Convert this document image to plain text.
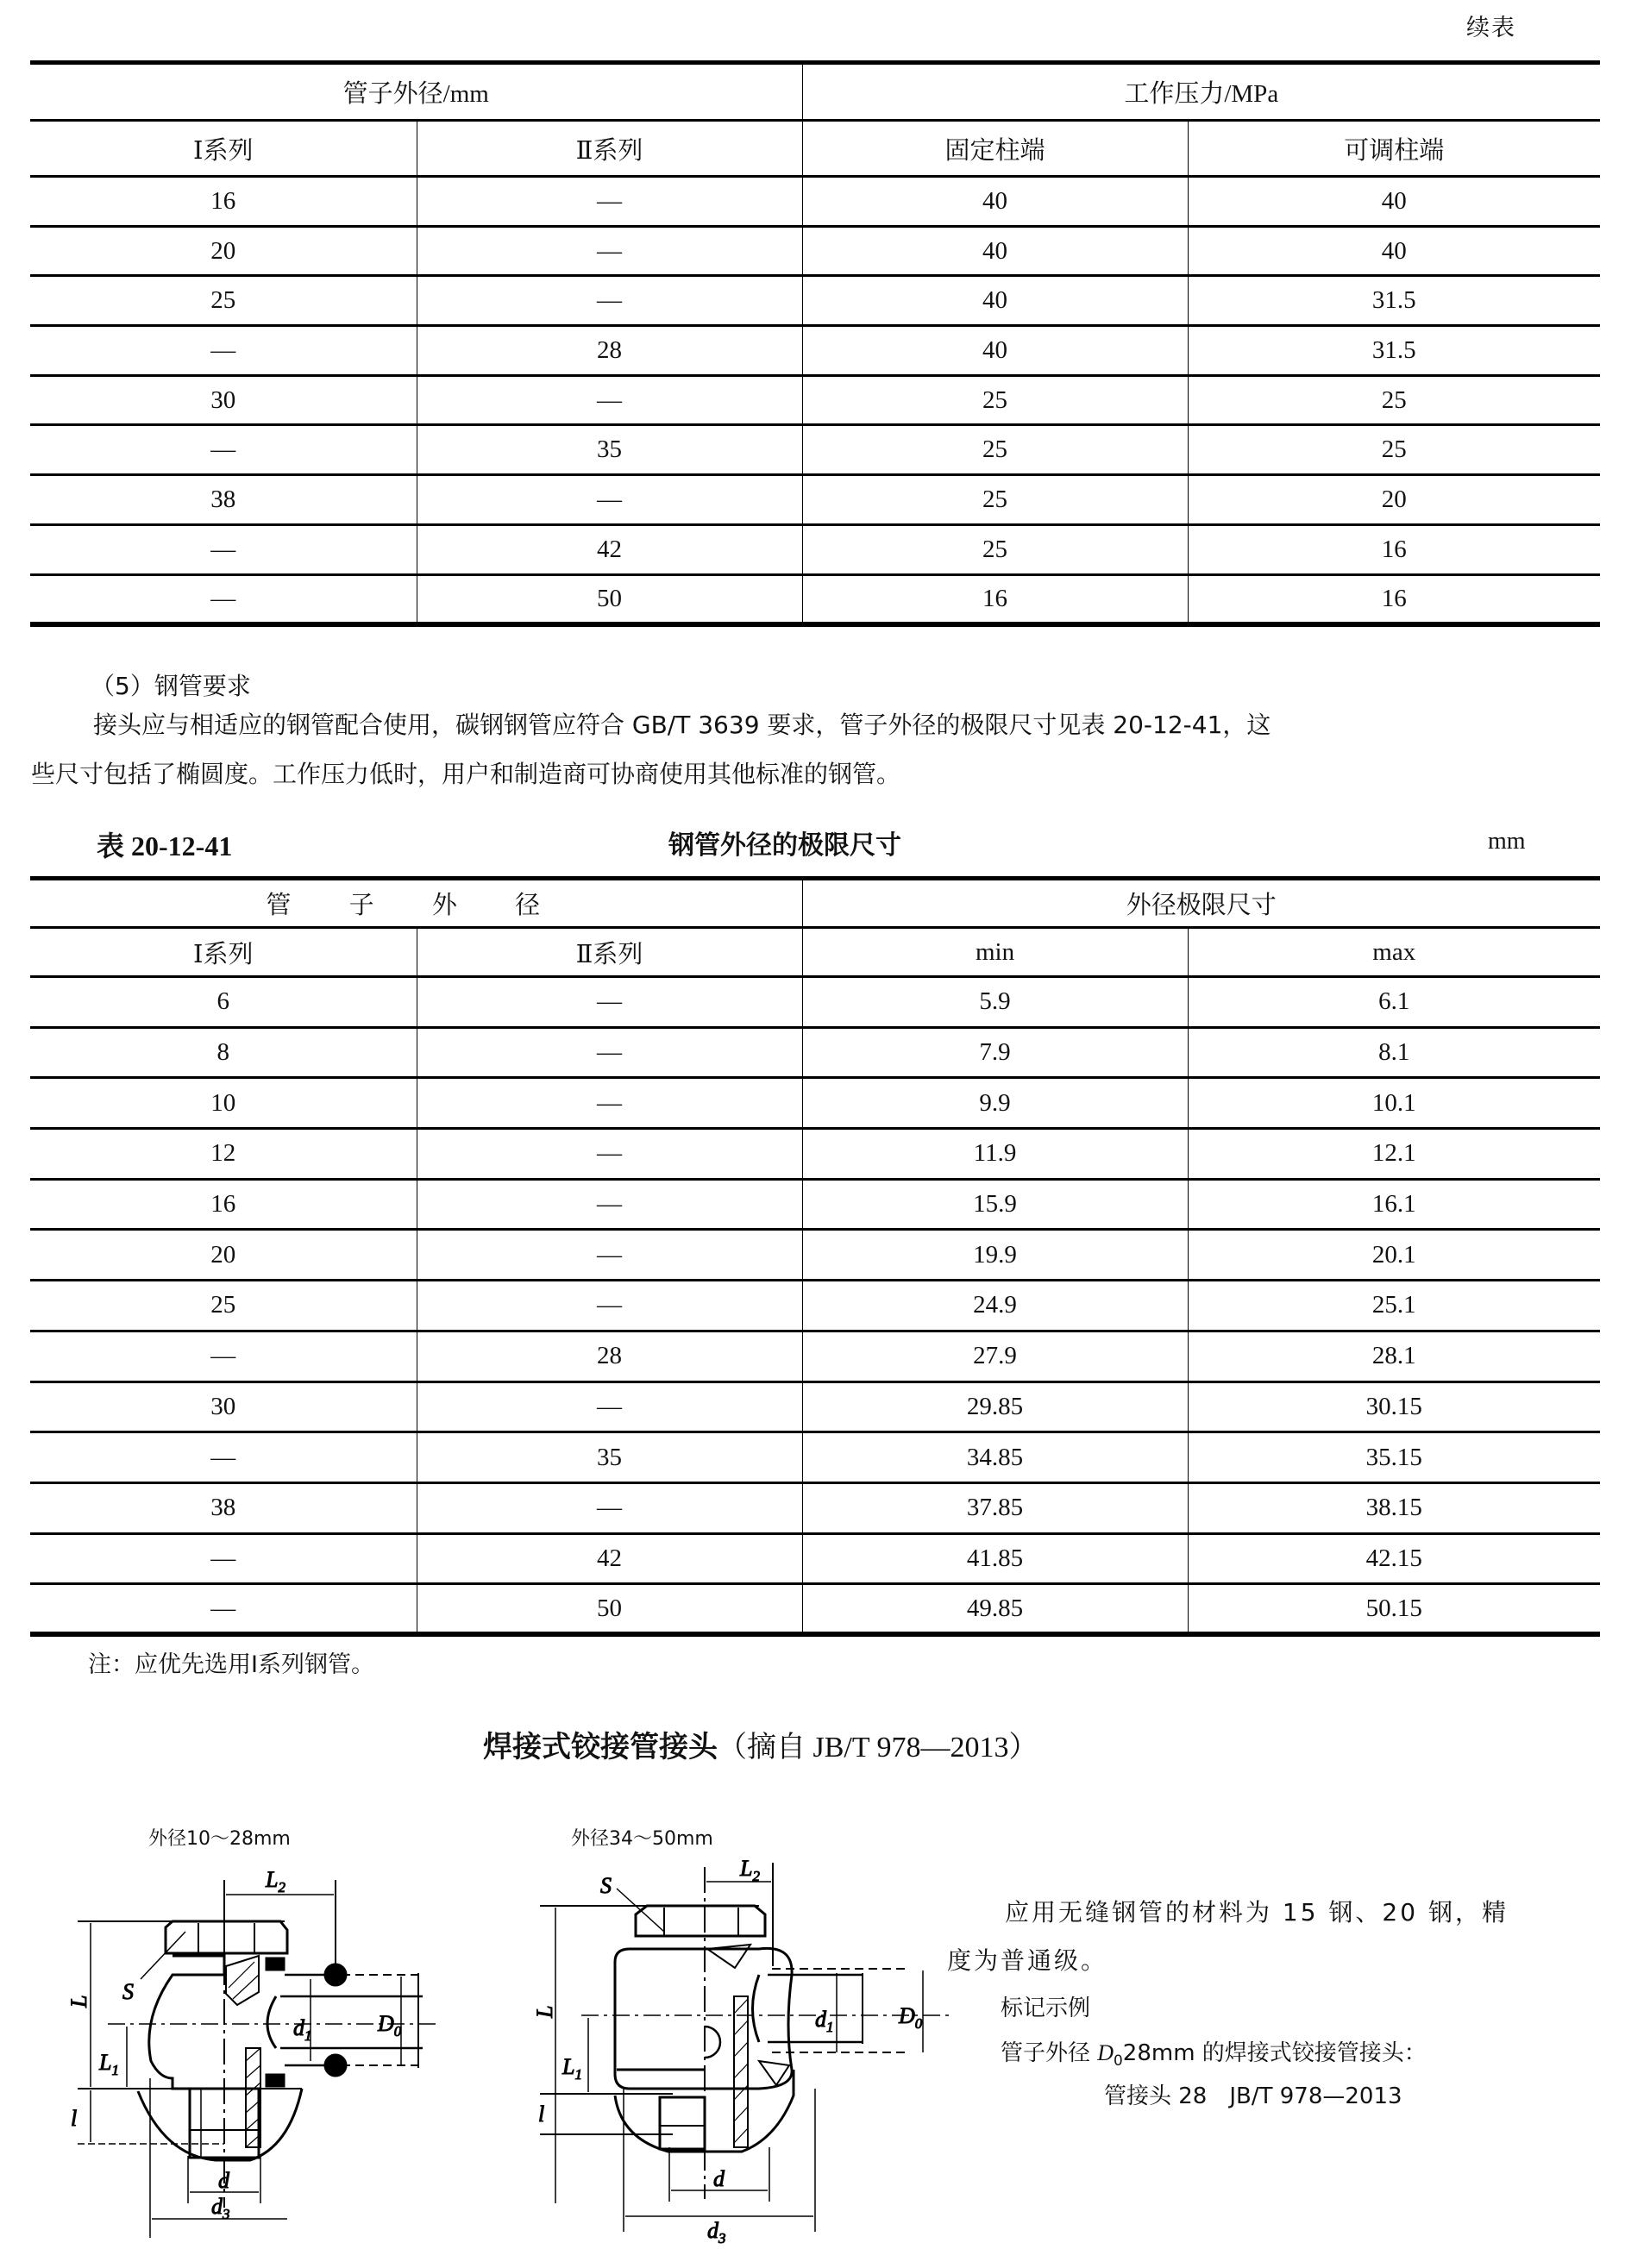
续表
管子外径/mm		工作压力/MPa	
Ⅰ系列	Ⅱ系列	固定柱端	可调柱端
16	—	40	40
20	—	40	40
25	—	40	31.5
—	28	40	31.5
30	—	25	25
—	35	25	25
38	—	25	20
—	42	25	16
—	50	16	16
（5）钢管要求
接头应与相适应的钢管配合使用，碳钢钢管应符合 GB/T 3639 要求，管子外径的极限尺寸见表 20-12-41，这
些尺寸包括了椭圆度。工作压力低时，用户和制造商可协商使用其他标准的钢管。
表 20-12-41	钢管外径的极限尺寸	mm
管 子 外 径		外径极限尺寸	
Ⅰ系列	Ⅱ系列	min	max
6	—	5.9	6.1
8	—	7.9	8.1
10	—	9.9	10.1
12	—	11.9	12.1
16	—	15.9	16.1
20	—	19.9	20.1
25	—	24.9	25.1
—	28	27.9	28.1
30	—	29.85	30.15
—	35	34.85	35.15
38	—	37.85	38.15
—	42	41.85	42.15
—	50	49.85	50.15
注：应优先选用Ⅰ系列钢管。
焊接式铰接管接头（摘自 JB/T 978—2013）
外径10～28mm	外径34～50mm
L S
$L_2$
$L_1$
l
$d_1$	$D_0$
d
$d_3$
S
$L_2$
L
$L_1$
l
$d_1$	$D_0$
d
$d_3$
应用无缝钢管的材料为 15 钢、20 钢，精
度为普通级。
标记示例
管子外径 $D_028mm$ 的焊接式铰接管接头：
管接头 28　JB/T 978—2013
